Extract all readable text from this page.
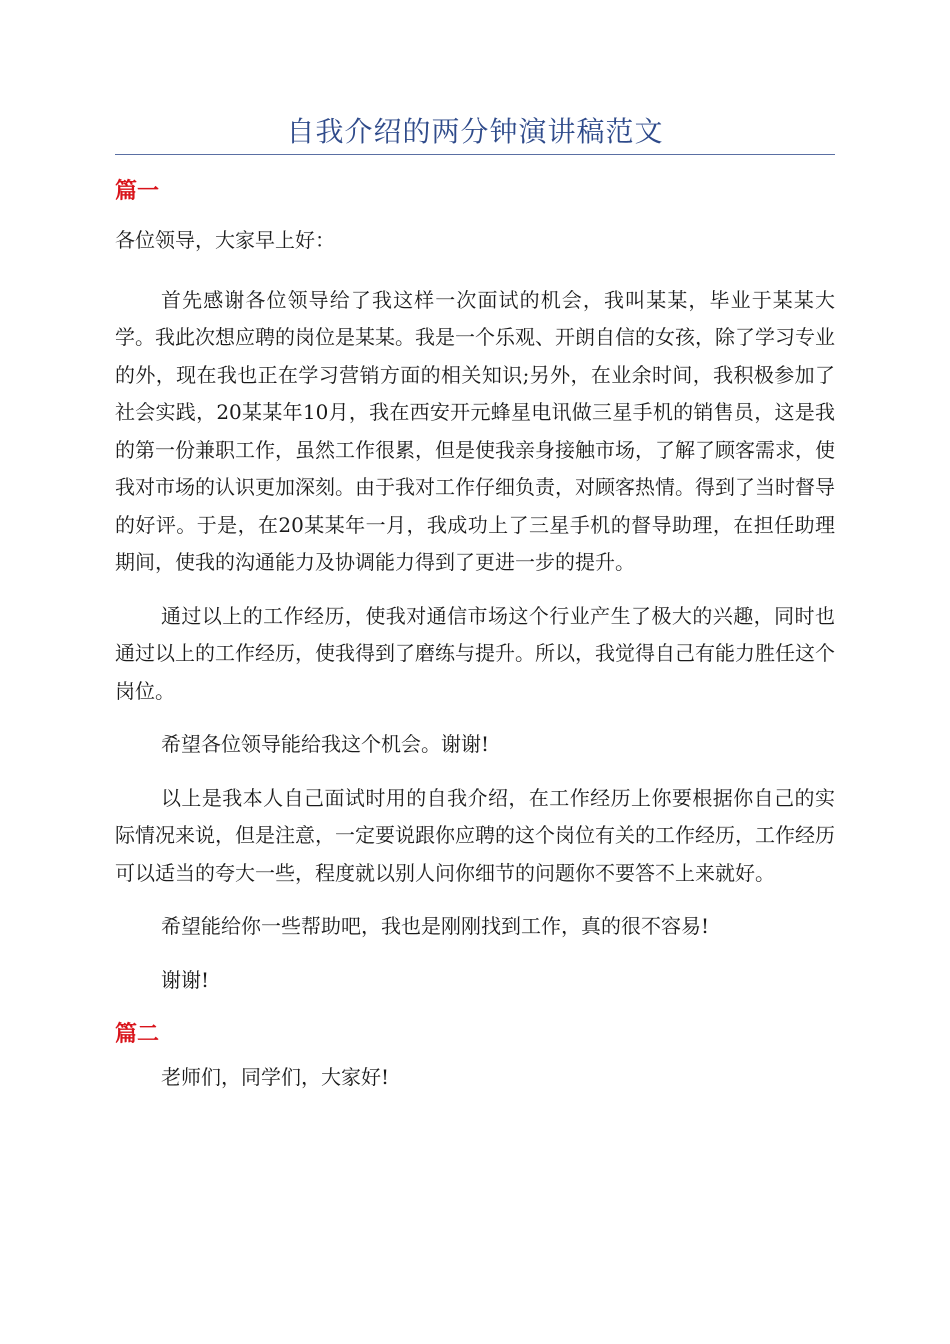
自我介绍的两分钟演讲稿范文

篇一

各位领导，大家早上好：

首先感谢各位领导给了我这样一次面试的机会，我叫某某，毕业于某某大学。我此次想应聘的岗位是某某。我是一个乐观、开朗自信的女孩，除了学习专业的外，现在我也正在学习营销方面的相关知识;另外，在业余时间，我积极参加了社会实践，20某某年10月，我在西安开元蜂星电讯做三星手机的销售员，这是我的第一份兼职工作，虽然工作很累，但是使我亲身接触市场，了解了顾客需求，使我对市场的认识更加深刻。由于我对工作仔细负责，对顾客热情。得到了当时督导的好评。于是，在20某某年一月，我成功上了三星手机的督导助理，在担任助理期间，使我的沟通能力及协调能力得到了更进一步的提升。

通过以上的工作经历，使我对通信市场这个行业产生了极大的兴趣，同时也通过以上的工作经历，使我得到了磨练与提升。所以，我觉得自己有能力胜任这个岗位。

希望各位领导能给我这个机会。谢谢!

以上是我本人自己面试时用的自我介绍，在工作经历上你要根据你自己的实际情况来说，但是注意，一定要说跟你应聘的这个岗位有关的工作经历，工作经历可以适当的夸大一些，程度就以别人问你细节的问题你不要答不上来就好。

希望能给你一些帮助吧，我也是刚刚找到工作，真的很不容易!

谢谢!

篇二

老师们，同学们，大家好!
